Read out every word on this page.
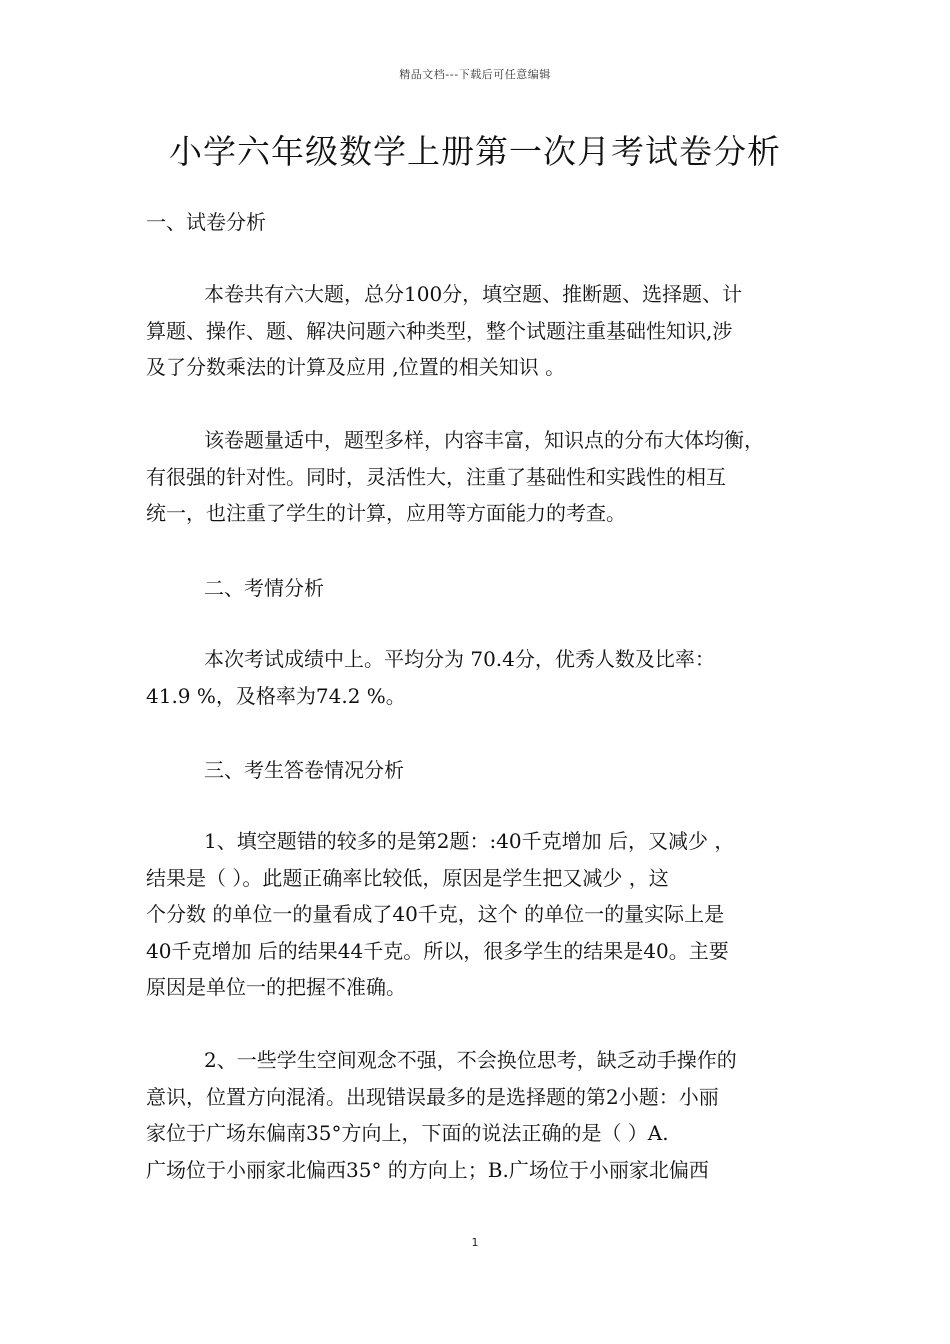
精品文档---下载后可任意编辑
小学六年级数学上册第一次月考试卷分析
一、试卷分析
本卷共有六大题，总分100分，填空题、推断题、选择题、计
算题、操作、题、解决问题六种类型，整个试题注重基础性知识,涉
及了分数乘法的计算及应用 ,位置的相关知识 。
该卷题量适中，题型多样，内容丰富，知识点的分布大体均衡，
有很强的针对性。同时，灵活性大，注重了基础性和实践性的相互
统一，也注重了学生的计算，应用等方面能力的考查。
二、考情分析
本次考试成绩中上。平均分为 70.4分，优秀人数及比率：
41.9 %，及格率为74.2 %。
三、考生答卷情况分析
1、填空题错的较多的是第2题：:40千克增加 后，又减少 ，
结果是（ ）。此题正确率比较低，原因是学生把又减少 ，这
个分数 的单位一的量看成了40千克，这个 的单位一的量实际上是
40千克增加 后的结果44千克。所以，很多学生的结果是40。主要
原因是单位一的把握不准确。
2、一些学生空间观念不强，不会换位思考，缺乏动手操作的
意识，位置方向混淆。出现错误最多的是选择题的第2小题：小丽
家位于广场东偏南35°方向上，下面的说法正确的是（ ）A.
广场位于小丽家北偏西35° 的方向上；B.广场位于小丽家北偏西
1
